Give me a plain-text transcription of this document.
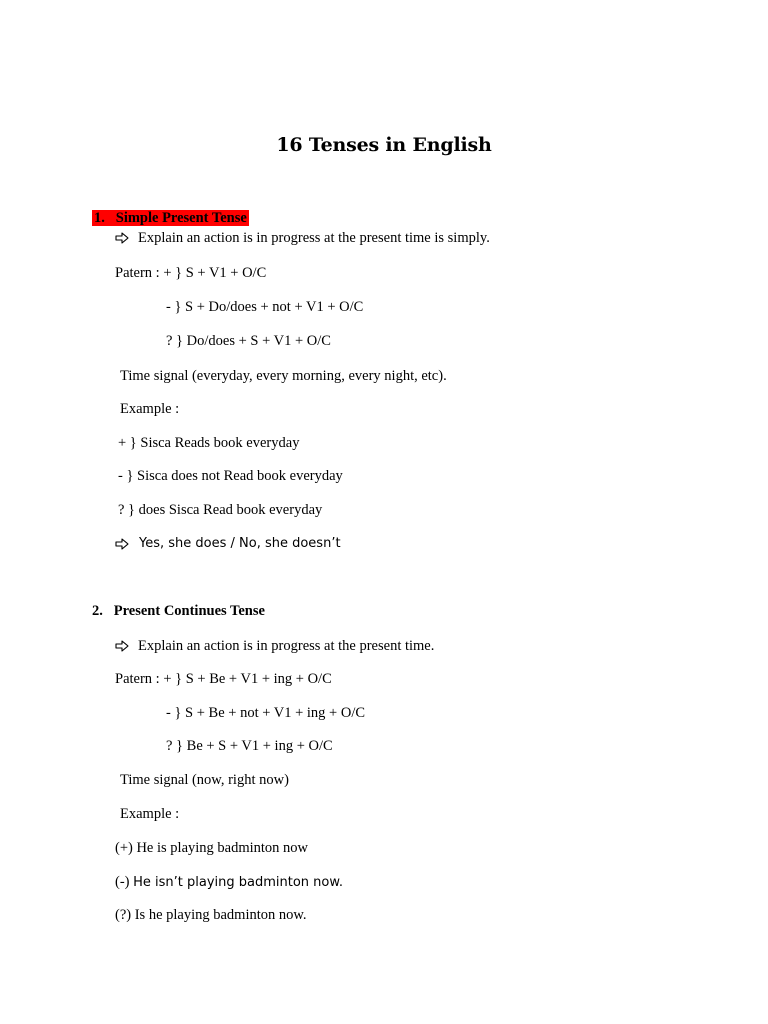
16 Tenses in English
1. Simple Present Tense
Explain an action is in progress at the present time is simply.
Patern : + } S + V1 + O/C
- } S + Do/does + not + V1 + O/C
? } Do/does + S + V1 + O/C
Time signal (everyday, every morning, every night, etc).
Example :
+ } Sisca Reads book everyday
- } Sisca does not Read book everyday
? } does Sisca Read book everyday
Yes, she does / No, she doesn’t
2. Present Continues Tense
Explain an action is in progress at the present time.
Patern : + } S + Be + V1 + ing + O/C
- } S + Be + not + V1 + ing + O/C
? } Be + S + V1 + ing + O/C
Time signal (now, right now)
Example :
(+) He is playing badminton now
(-) He isn’t playing badminton now.
(?) Is he playing badminton now.
